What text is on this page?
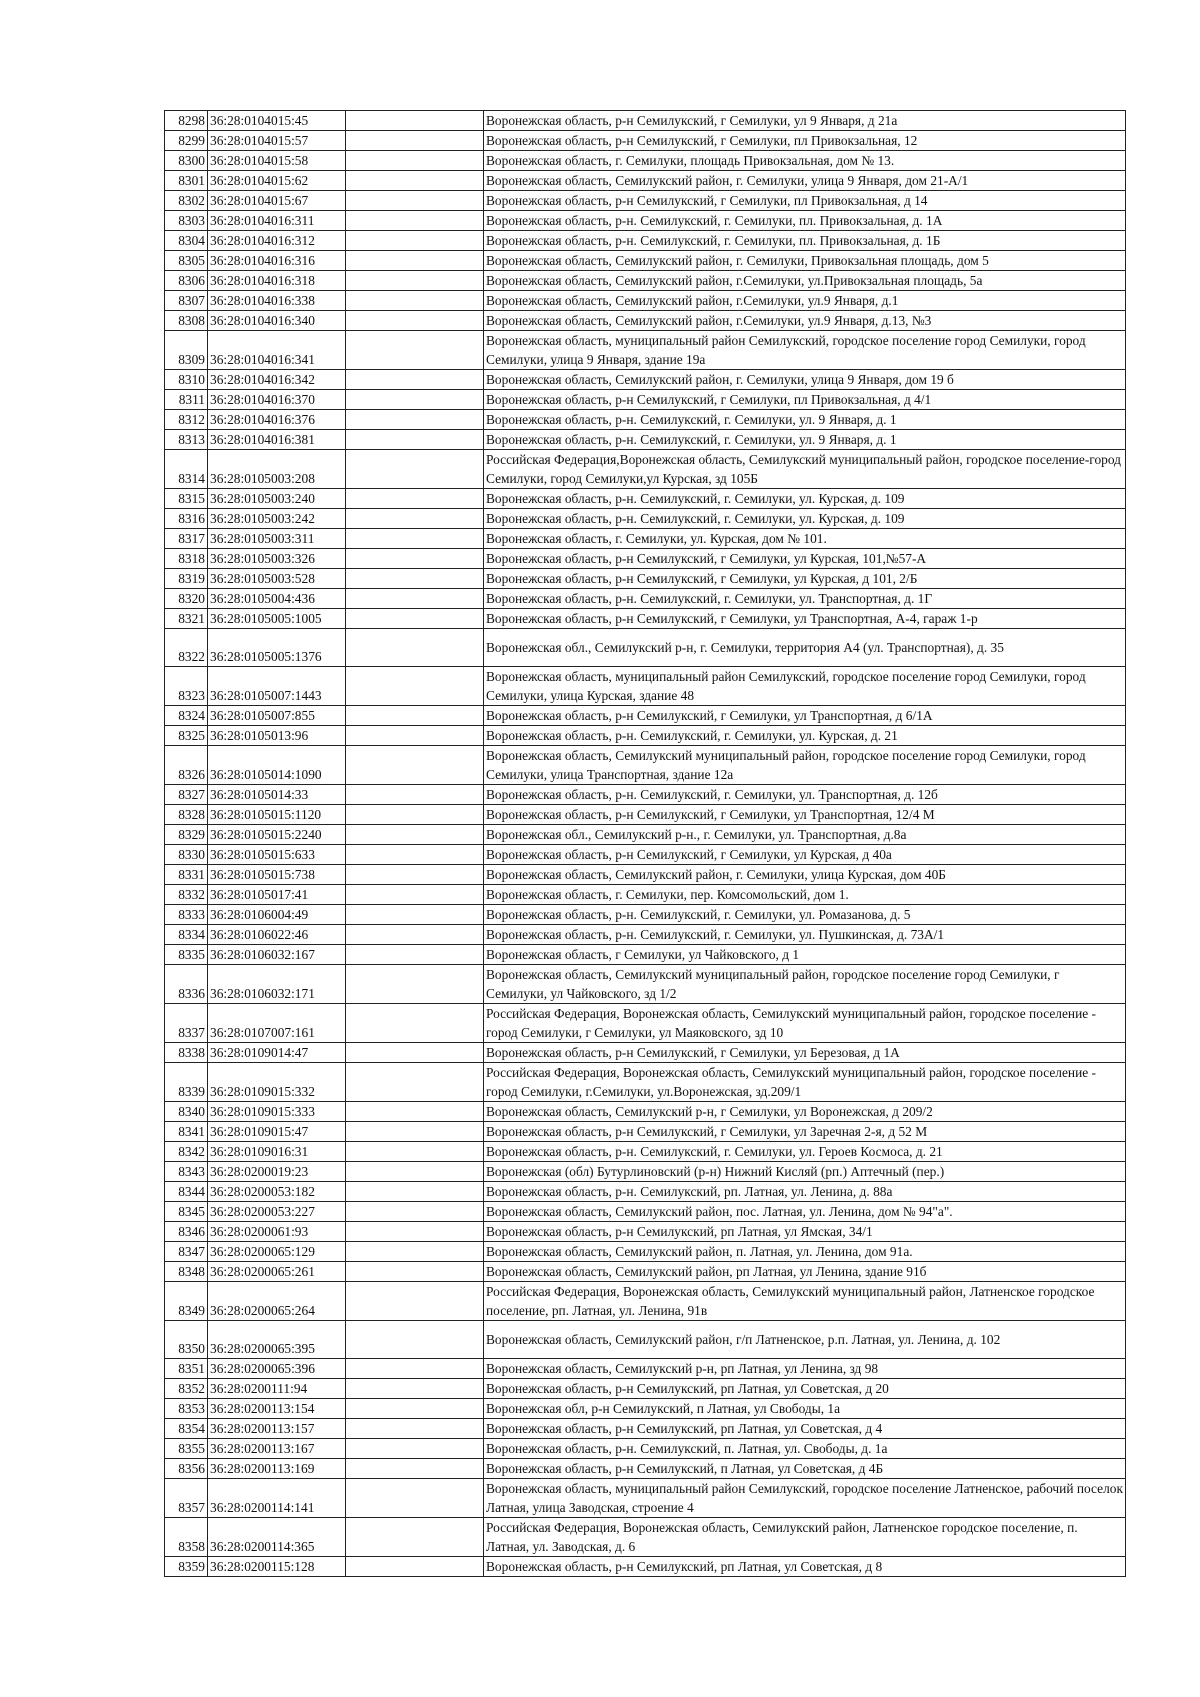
8298	36:28:0104015:45		Воронежская область, р-н Семилукский, г Семилуки, ул 9 Января, д 21а
8299	36:28:0104015:57		Воронежская область, р-н Семилукский, г Семилуки, пл Привокзальная, 12
8300	36:28:0104015:58		Воронежская область, г. Семилуки, площадь Привокзальная, дом № 13.
8301	36:28:0104015:62		Воронежская область, Семилукский район, г. Семилуки, улица 9 Января, дом 21-А/1
8302	36:28:0104015:67		Воронежская область, р-н Семилукский, г Семилуки, пл Привокзальная, д 14
8303	36:28:0104016:311		Воронежская область, р-н. Семилукский, г. Семилуки, пл. Привокзальная, д. 1А
8304	36:28:0104016:312		Воронежская область, р-н. Семилукский, г. Семилуки, пл. Привокзальная, д. 1Б
8305	36:28:0104016:316		Воронежская область, Семилукский район, г. Семилуки, Привокзальная площадь, дом 5
8306	36:28:0104016:318		Воронежская область, Семилукский район, г.Семилуки, ул.Привокзальная площадь, 5а
8307	36:28:0104016:338		Воронежская область, Семилукский район, г.Семилуки, ул.9 Января, д.1
8308	36:28:0104016:340		Воронежская область, Семилукский район, г.Семилуки, ул.9 Января, д.13, №3
8309	36:28:0104016:341		Воронежская область, муниципальный район Семилукский, городское поселение город Семилуки, город Семилуки, улица 9 Января, здание 19а
8310	36:28:0104016:342		Воронежская область, Семилукский район, г. Семилуки, улица 9 Января, дом 19 б
8311	36:28:0104016:370		Воронежская область, р-н Семилукский, г Семилуки, пл Привокзальная, д 4/1
8312	36:28:0104016:376		Воронежская область, р-н. Семилукский, г. Семилуки, ул. 9 Января, д. 1
8313	36:28:0104016:381		Воронежская область, р-н. Семилукский, г. Семилуки, ул. 9 Января, д. 1
8314	36:28:0105003:208		Российская Федерация,Воронежская область, Семилукский муниципальный район, городское поселение-город Семилуки, город Семилуки,ул Курская, зд 105Б
8315	36:28:0105003:240		Воронежская область, р-н. Семилукский, г. Семилуки, ул. Курская, д. 109
8316	36:28:0105003:242		Воронежская область, р-н. Семилукский, г. Семилуки, ул. Курская, д. 109
8317	36:28:0105003:311		Воронежская область, г. Семилуки, ул. Курская, дом № 101.
8318	36:28:0105003:326		Воронежская область, р-н Семилукский, г Семилуки, ул Курская, 101,№57-А
8319	36:28:0105003:528		Воронежская область, р-н Семилукский, г Семилуки, ул Курская, д 101, 2/Б
8320	36:28:0105004:436		Воронежская область, р-н. Семилукский, г. Семилуки, ул. Транспортная, д. 1Г
8321	36:28:0105005:1005		Воронежская область, р-н Семилукский, г Семилуки, ул Транспортная, А-4, гараж 1-р
8322	36:28:0105005:1376		Воронежская обл., Семилукский р-н, г. Семилуки, территория А4 (ул. Транспортная), д. 35
8323	36:28:0105007:1443		Воронежская область, муниципальный район Семилукский, городское поселение город Семилуки, город Семилуки, улица Курская, здание 48
8324	36:28:0105007:855		Воронежская область, р-н Семилукский, г Семилуки, ул Транспортная, д 6/1А
8325	36:28:0105013:96		Воронежская область, р-н. Семилукский, г. Семилуки, ул. Курская, д. 21
8326	36:28:0105014:1090		Воронежская область, Семилукский муниципальный район, городское поселение город Семилуки, город Семилуки, улица Транспортная, здание 12а
8327	36:28:0105014:33		Воронежская область, р-н. Семилукский, г. Семилуки, ул. Транспортная, д. 12б
8328	36:28:0105015:1120		Воронежская область, р-н Семилукский, г Семилуки, ул Транспортная, 12/4 М
8329	36:28:0105015:2240		Воронежская обл., Семилукский р-н., г. Семилуки, ул. Транспортная, д.8а
8330	36:28:0105015:633		Воронежская область, р-н Семилукский, г Семилуки, ул Курская, д 40а
8331	36:28:0105015:738		Воронежская область, Семилукский район, г. Семилуки, улица Курская, дом 40Б
8332	36:28:0105017:41		Воронежская область, г. Семилуки, пер. Комсомольский, дом 1.
8333	36:28:0106004:49		Воронежская область, р-н. Семилукский, г. Семилуки, ул. Ромазанова, д. 5
8334	36:28:0106022:46		Воронежская область, р-н. Семилукский, г. Семилуки, ул. Пушкинская, д. 73А/1
8335	36:28:0106032:167		Воронежская область, г Семилуки, ул Чайковского, д 1
8336	36:28:0106032:171		Воронежская область, Семилукский муниципальный район, городское поселение город Семилуки, г Семилуки, ул Чайковского, зд 1/2
8337	36:28:0107007:161		Российская Федерация, Воронежская область, Семилукский муниципальный район, городское поселение - город Семилуки, г Семилуки, ул Маяковского, зд 10
8338	36:28:0109014:47		Воронежская область, р-н Семилукский, г Семилуки, ул Березовая, д 1А
8339	36:28:0109015:332		Российская Федерация, Воронежская область, Семилукский муниципальный район, городское поселение - город Семилуки, г.Семилуки, ул.Воронежская, зд.209/1
8340	36:28:0109015:333		Воронежская область, Семилукский р-н, г Семилуки, ул Воронежская, д 209/2
8341	36:28:0109015:47		Воронежская область, р-н Семилукский, г Семилуки, ул Заречная 2-я, д 52 М
8342	36:28:0109016:31		Воронежская область, р-н. Семилукский, г. Семилуки, ул. Героев Космоса, д. 21
8343	36:28:0200019:23		Воронежская (обл) Бутурлиновский (р-н) Нижний Кисляй (рп.) Аптечный (пер.)
8344	36:28:0200053:182		Воронежская область, р-н. Семилукский, рп. Латная, ул. Ленина, д. 88а
8345	36:28:0200053:227		Воронежская область, Семилукский район, пос. Латная, ул. Ленина, дом № 94"а".
8346	36:28:0200061:93		Воронежская область, р-н Семилукский, рп Латная, ул Ямская, 34/1
8347	36:28:0200065:129		Воронежская область, Семилукский район, п. Латная, ул. Ленина, дом 91а.
8348	36:28:0200065:261		Воронежская область, Семилукский район, рп Латная, ул Ленина, здание 91б
8349	36:28:0200065:264		Российская Федерация, Воронежская область, Семилукский муниципальный район, Латненское городское поселение, рп. Латная, ул. Ленина, 91в
8350	36:28:0200065:395		Воронежская область, Семилукский район, г/п Латненское, р.п. Латная, ул. Ленина, д. 102
8351	36:28:0200065:396		Воронежская область, Семилукский р-н, рп Латная, ул Ленина, зд 98
8352	36:28:0200111:94		Воронежская область, р-н Семилукский, рп Латная, ул Советская, д 20
8353	36:28:0200113:154		Воронежская обл, р-н Семилукский, п Латная, ул Свободы, 1а
8354	36:28:0200113:157		Воронежская область, р-н Семилукский, рп Латная, ул Советская, д 4
8355	36:28:0200113:167		Воронежская область, р-н. Семилукский, п. Латная, ул. Свободы, д. 1а
8356	36:28:0200113:169		Воронежская область, р-н Семилукский, п Латная, ул Советская, д 4Б
8357	36:28:0200114:141		Воронежская область, муниципальный район Семилукский, городское поселение Латненское, рабочий поселок Латная, улица Заводская, строение 4
8358	36:28:0200114:365		Российская Федерация, Воронежская область, Семилукский район, Латненское городское поселение, п. Латная, ул. Заводская, д. 6
8359	36:28:0200115:128		Воронежская область, р-н Семилукский, рп Латная, ул Советская, д 8
